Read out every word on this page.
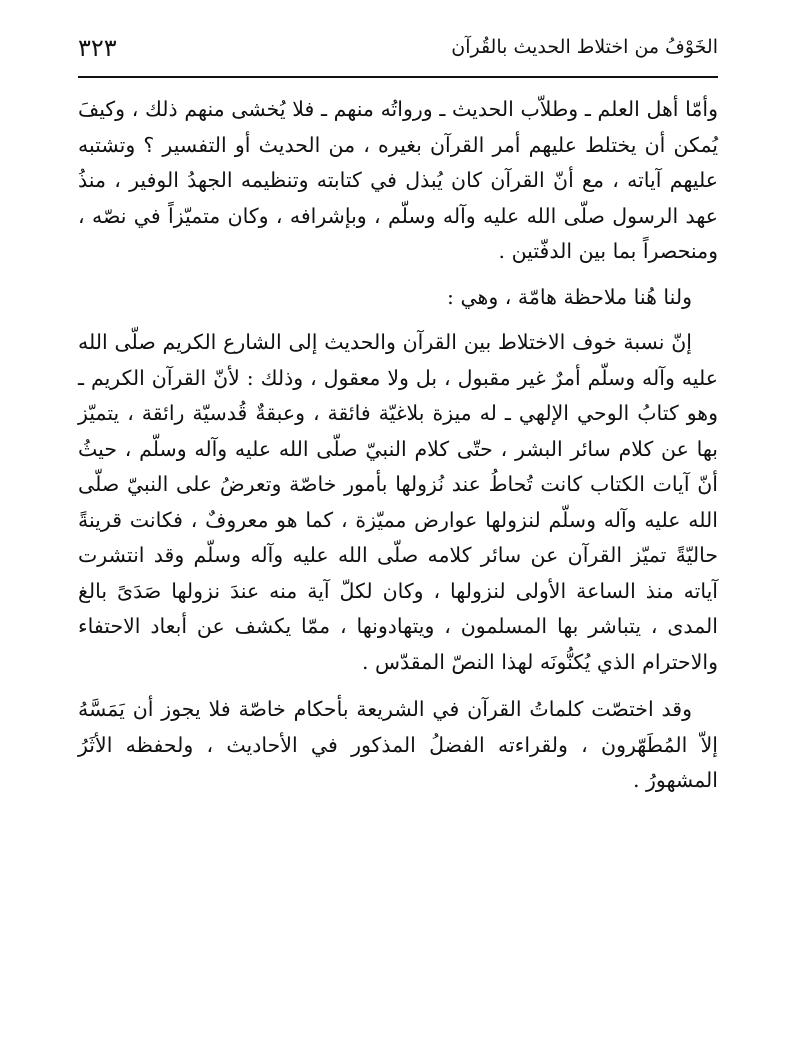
الخَوْفُ من اختلاط الحديث بالقُرآن
٣٢٣

وأمّا أهل العلم ـ وطلاّب الحديث ـ ورواتُه منهم ـ فلا يُخشى منهم ذلك ، وكيفَ يُمكن أن يختلط عليهم أمر القرآن بغيره ، من الحديث أو التفسير ؟ وتشتبه عليهم آياته ، مع أنّ القرآن كان يُبذل في كتابته وتنظيمه الجهدُ الوفير ، منذُ عهد الرسول صلّى الله عليه وآله وسلّم ، وبإشرافه ، وكان متميّزاً في نصّه ، ومنحصراً بما بين الدفّتين .

ولنا هُنا ملاحظة هامّة ، وهي :

إنّ نسبة خوف الاختلاط بين القرآن والحديث إلى الشارع الكريم صلّى الله عليه وآله وسلّم أمرٌ غير مقبول ، بل ولا معقول ، وذلك : لأنّ القرآن الكريم ـ وهو كتابُ الوحي الإلهي ـ له ميزة بلاغيّة فائقة ، وعبقةٌ قُدسيّة رائقة ، يتميّز بها عن كلام سائر البشر ، حتّى كلام النبيّ صلّى الله عليه وآله وسلّم ، حيثُ أنّ آيات الكتاب كانت تُحاطُ عند نُزولها بأمور خاصّة وتعرضُ على النبيّ صلّى الله عليه وآله وسلّم لنزولها عوارض مميّزة ، كما هو معروفٌ ، فكانت قرينةً حاليّةً تميّز القرآن عن سائر كلامه صلّى الله عليه وآله وسلّم وقد انتشرت آياته منذ الساعة الأولى لنزولها ، وكان لكلّ آية منه عندَ نزولها صَدَىً بالغ المدى ، يتباشر بها المسلمون ، ويتهادونها ، ممّا يكشف عن أبعاد الاحتفاء والاحترام الذي يُكنُّونَه لهذا النصّ المقدّس .

وقد اختصّت كلماتُ القرآن في الشريعة بأحكام خاصّة فلا يجوز أن يَمَسَّهُ إلاّ المُطَهّرون ، ولقراءته الفضلُ المذكور في الأحاديث ، ولحفظه الأثَرُ المشهورُ .
